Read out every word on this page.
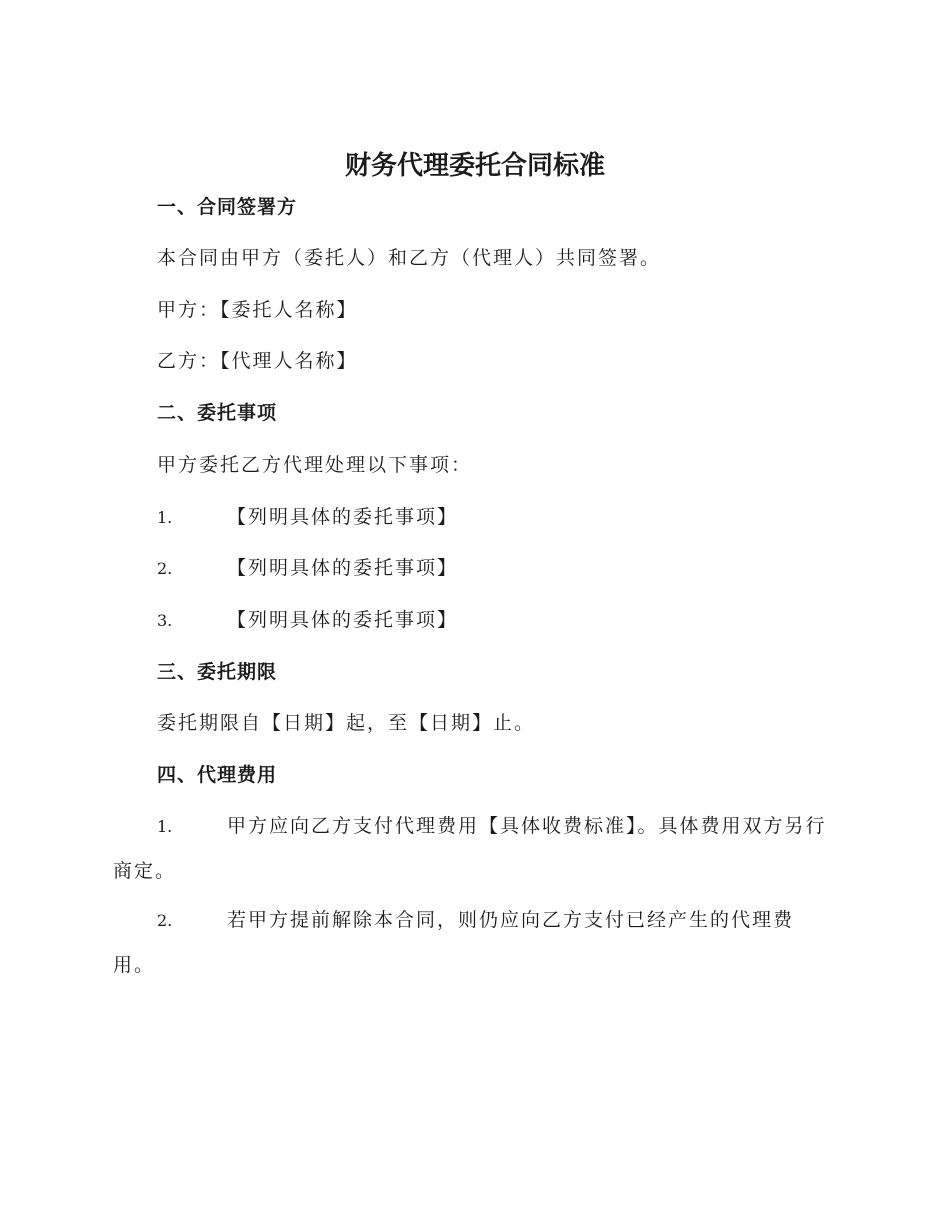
财务代理委托合同标准
一、合同签署方
本合同由甲方（委托人）和乙方（代理人）共同签署。
甲方：【委托人名称】
乙方：【代理人名称】
二、委托事项
甲方委托乙方代理处理以下事项：
1.	【列明具体的委托事项】
2.	【列明具体的委托事项】
3.	【列明具体的委托事项】
三、委托期限
委托期限自【日期】起，至【日期】止。
四、代理费用
1.	甲方应向乙方支付代理费用【具体收费标准】。具体费用双方另行商定。
2.	若甲方提前解除本合同，则仍应向乙方支付已经产生的代理费用。
